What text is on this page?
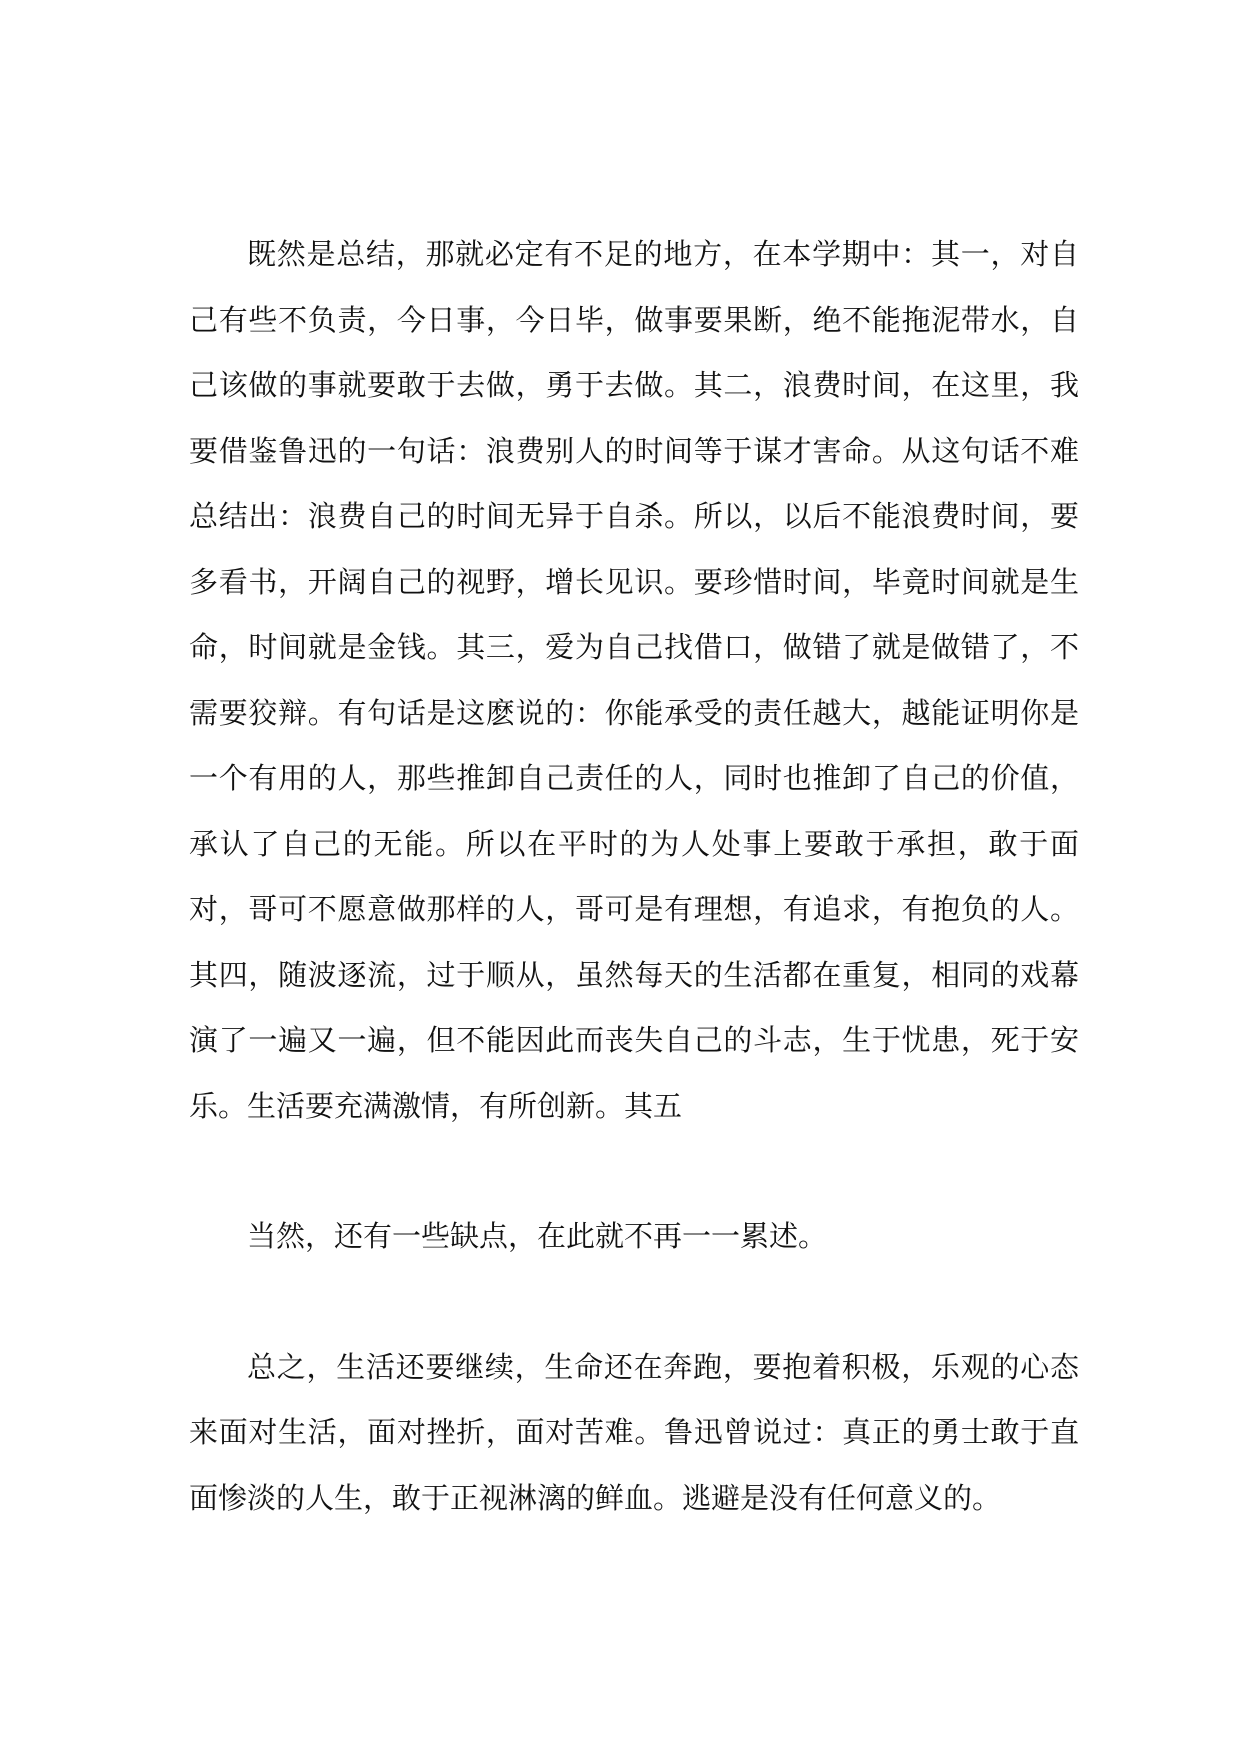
既然是总结，那就必定有不足的地方，在本学期中：其一，对自己有些不负责，今日事，今日毕，做事要果断，绝不能拖泥带水，自己该做的事就要敢于去做，勇于去做。其二，浪费时间，在这里，我要借鉴鲁迅的一句话：浪费别人的时间等于谋才害命。从这句话不难总结出：浪费自己的时间无异于自杀。所以，以后不能浪费时间，要多看书，开阔自己的视野，增长见识。要珍惜时间，毕竟时间就是生命，时间就是金钱。其三，爱为自己找借口，做错了就是做错了，不需要狡辩。有句话是这麽说的：你能承受的责任越大，越能证明你是一个有用的人，那些推卸自己责任的人，同时也推卸了自己的价值，承认了自己的无能。所以在平时的为人处事上要敢于承担，敢于面对，哥可不愿意做那样的人，哥可是有理想，有追求，有抱负的人。其四，随波逐流，过于顺从，虽然每天的生活都在重复，相同的戏幕演了一遍又一遍，但不能因此而丧失自己的斗志，生于忧患，死于安乐。生活要充满激情，有所创新。其五

当然，还有一些缺点，在此就不再一一累述。

总之，生活还要继续，生命还在奔跑，要抱着积极，乐观的心态来面对生活，面对挫折，面对苦难。鲁迅曾说过：真正的勇士敢于直面惨淡的人生，敢于正视淋漓的鲜血。逃避是没有任何意义的。
